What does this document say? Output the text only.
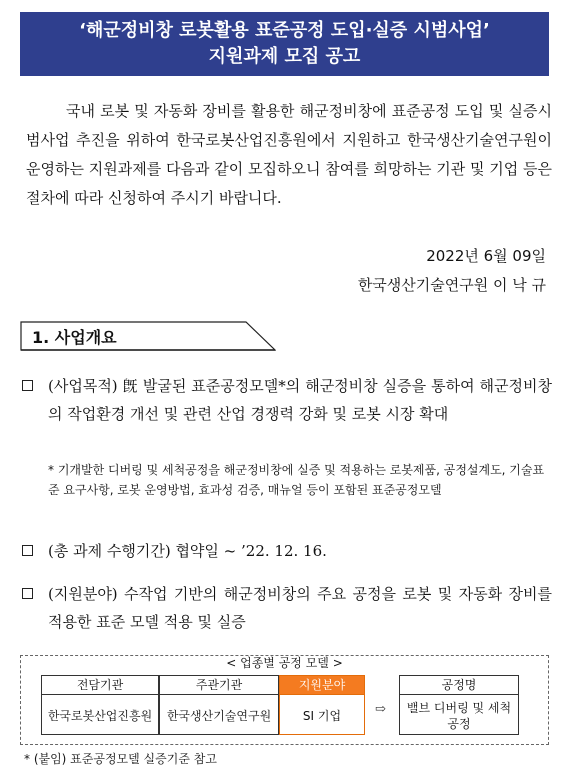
‘해군정비창 로봇활용 표준공정 도입·실증 시범사업’
지원과제 모집 공고
국내 로봇 및 자동화 장비를 활용한 해군정비창에 표준공정 도입 및 실증시범사업 추진을 위하여 한국로봇산업진흥원에서 지원하고 한국생산기술연구원이 운영하는 지원과제를 다음과 같이 모집하오니 참여를 희망하는 기관 및 기업 등은 절차에 따라 신청하여 주시기 바랍니다.
2022년 6월 09일
한국생산기술연구원 이 낙 규
1. 사업개요
(사업목적) 旣 발굴된 표준공정모델*의 해군정비창 실증을 통하여 해군정비창의 작업환경 개선 및 관련 산업 경쟁력 강화 및 로봇 시장 확대
* 기개발한 디버링 및 세척공정을 해군정비창에 실증 및 적용하는 로봇제품, 공정설계도, 기술표준 요구사항, 로봇 운영방법, 효과성 검증, 매뉴얼 등이 포함된 표준공정모델
(총 과제 수행기간) 협약일 ~ ’22. 12. 16.
(지원분야) 수작업 기반의 해군정비창의 주요 공정을 로봇 및 자동화 장비를 적용한 표준 모델 적용 및 실증
< 업종별 공정 모델 >
전담기관
한국로봇산업진흥원
주관기관
한국생산기술연구원
지원분야
SI 기업	⇨
공정명
밸브 디버링 및 세척 공정
* (붙임) 표준공정모델 실증기준 참고
